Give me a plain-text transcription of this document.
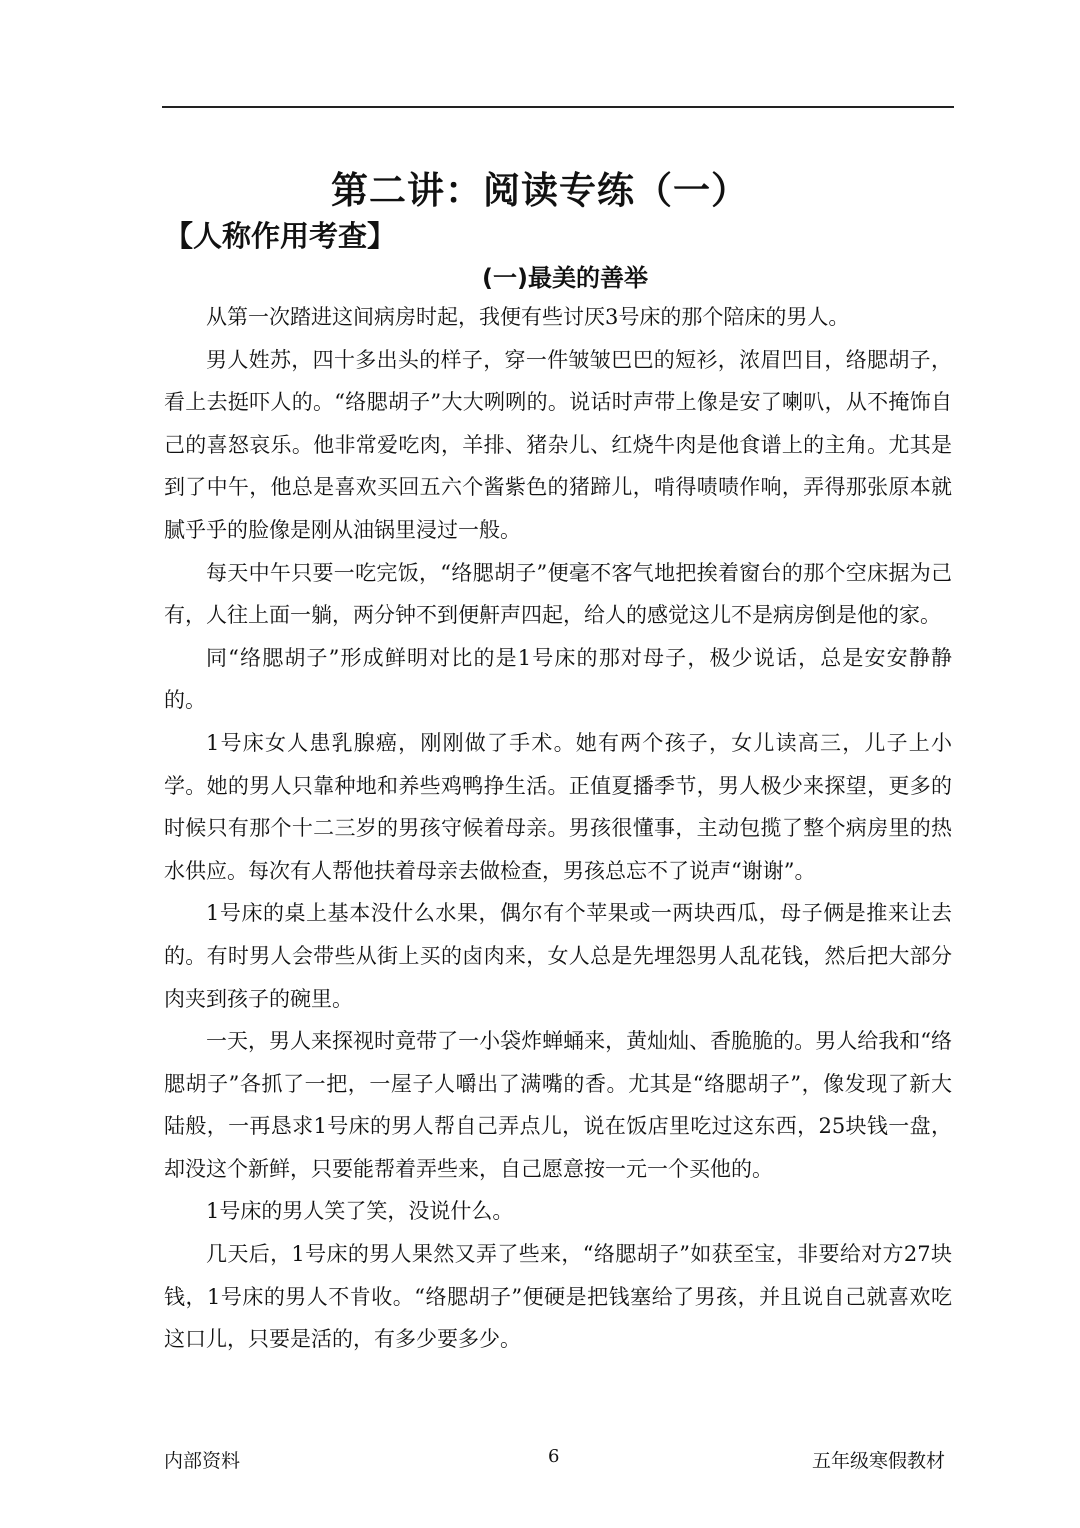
第二讲：阅读专练（一）
【人称作用考查】
(一)最美的善举

从第一次踏进这间病房时起，我便有些讨厌3号床的那个陪床的男人。

男人姓苏，四十多出头的样子，穿一件皱皱巴巴的短衫，浓眉凹目，络腮胡子，看上去挺吓人的。“络腮胡子”大大咧咧的。说话时声带上像是安了喇叭，从不掩饰自己的喜怒哀乐。他非常爱吃肉，羊排、猪杂儿、红烧牛肉是他食谱上的主角。尤其是到了中午，他总是喜欢买回五六个酱紫色的猪蹄儿，啃得啧啧作响，弄得那张原本就腻乎乎的脸像是刚从油锅里浸过一般。

每天中午只要一吃完饭，“络腮胡子”便毫不客气地把挨着窗台的那个空床据为己有，人往上面一躺，两分钟不到便鼾声四起，给人的感觉这儿不是病房倒是他的家。

同“络腮胡子”形成鲜明对比的是1号床的那对母子，极少说话，总是安安静静的。

1号床女人患乳腺癌，刚刚做了手术。她有两个孩子，女儿读高三，儿子上小学。她的男人只靠种地和养些鸡鸭挣生活。正值夏播季节，男人极少来探望，更多的时候只有那个十二三岁的男孩守候着母亲。男孩很懂事，主动包揽了整个病房里的热水供应。每次有人帮他扶着母亲去做检查，男孩总忘不了说声“谢谢”。

1号床的桌上基本没什么水果，偶尔有个苹果或一两块西瓜，母子俩是推来让去的。有时男人会带些从街上买的卤肉来，女人总是先埋怨男人乱花钱，然后把大部分肉夹到孩子的碗里。

一天，男人来探视时竟带了一小袋炸蝉蛹来，黄灿灿、香脆脆的。男人给我和“络腮胡子”各抓了一把，一屋子人嚼出了满嘴的香。尤其是“络腮胡子”，像发现了新大陆般，一再恳求1号床的男人帮自己弄点儿，说在饭店里吃过这东西，25块钱一盘，却没这个新鲜，只要能帮着弄些来，自己愿意按一元一个买他的。

1号床的男人笑了笑，没说什么。

几天后，1号床的男人果然又弄了些来，“络腮胡子”如获至宝，非要给对方27块钱，1号床的男人不肯收。“络腮胡子”便硬是把钱塞给了男孩，并且说自己就喜欢吃这口儿，只要是活的，有多少要多少。

内部资料	6	五年级寒假教材
